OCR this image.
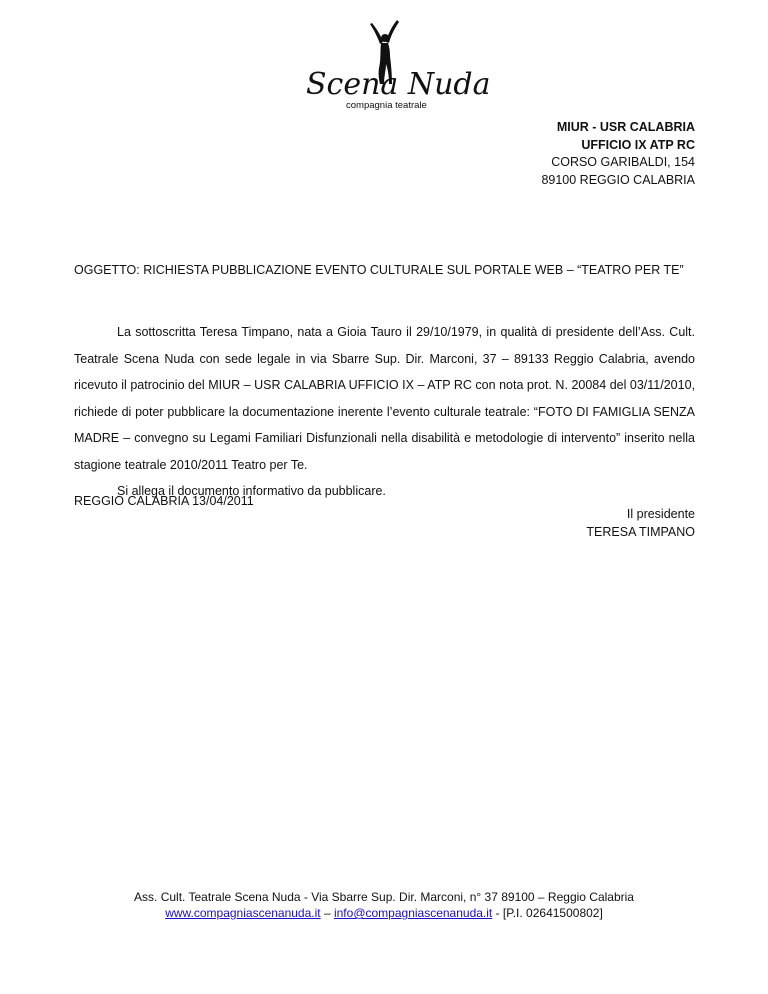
Scena Nuda
compagnia teatrale
MIUR - USR CALABRIA
UFFICIO IX ATP RC
CORSO GARIBALDI, 154
89100 REGGIO CALABRIA
OGGETTO: RICHIESTA PUBBLICAZIONE EVENTO CULTURALE SUL PORTALE WEB – “TEATRO PER TE”

La sottoscritta Teresa Timpano, nata a Gioia Tauro il 29/10/1979, in qualità di presidente dell’Ass. Cult. Teatrale Scena Nuda con sede legale in via Sbarre Sup. Dir. Marconi, 37 – 89133 Reggio Calabria, avendo ricevuto il patrocinio del MIUR – USR CALABRIA UFFICIO IX – ATP RC con nota prot. N. 20084 del 03/11/2010, richiede di poter pubblicare la documentazione inerente l’evento culturale teatrale: “FOTO DI FAMIGLIA SENZA MADRE – convegno su Legami Familiari Disfunzionali nella disabilità e metodologie di intervento” inserito nella stagione teatrale 2010/2011 Teatro per Te.

Si allega il documento informativo da pubblicare.

REGGIO CALABRIA 13/04/2011
Il presidente
TERESA TIMPANO
Ass. Cult. Teatrale Scena Nuda - Via Sbarre Sup. Dir. Marconi, n° 37 89100 – Reggio Calabria
www.compagniascenanuda.it – info@compagniascenanuda.it - [P.I. 02641500802]
